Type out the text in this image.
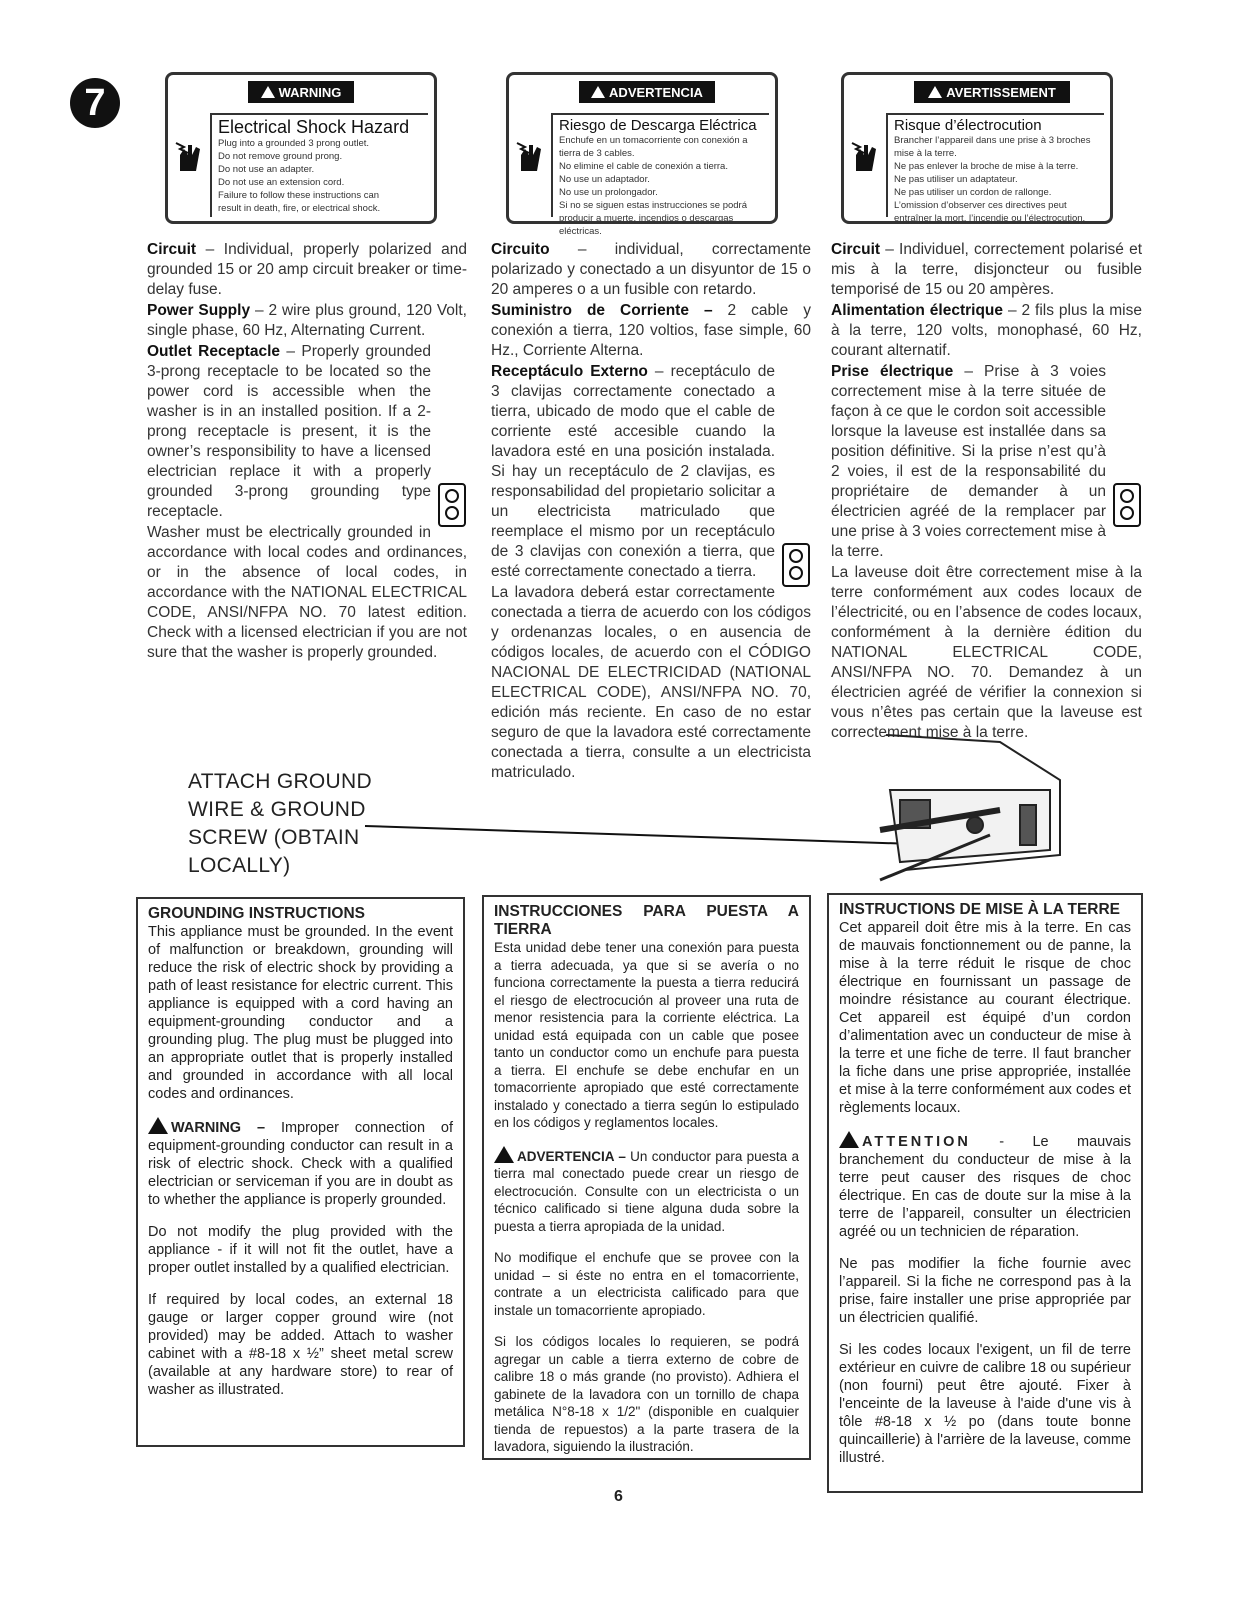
7	WARNING
Electrical Shock Hazard
Plug into a grounded 3 prong outlet.
Do not remove ground prong.
Do not use an adapter.
Do not use an extension cord.
Failure to follow these instructions can
result in death, fire, or electrical shock.
ADVERTENCIA
Riesgo de Descarga Eléctrica
Enchufe en un tomacorriente con conexión a
tierra de 3 cables.
No elimine el cable de conexión a tierra.
No use un adaptador.
No use un prolongador.
Si no se siguen estas instrucciones se podrá
producir a muerte, incendios o descargas eléctricas.
AVERTISSEMENT
Risque d’électrocution
Brancher l’appareil dans une prise à 3 broches
mise à la terre.
Ne pas enlever la broche de mise à la terre.
Ne pas utiliser un adaptateur.
Ne pas utiliser un cordon de rallonge.
L’omission d’observer ces directives peut
entraîner la mort, l’incendie ou l’électrocution.

Circuit – Individual, properly polarized and grounded 15 or 20 amp circuit breaker or time-delay fuse.

Power Supply – 2 wire plus ground, 120 Volt, single phase, 60 Hz, Alternating Current.

Outlet Receptacle – Properly grounded 3-prong receptacle to be located so the power cord is accessible when the washer is in an installed position. If a 2-prong receptacle is present, it is the owner’s responsibility to have a licensed electrician replace it with a properly grounded 3-prong grounding type receptacle.

Washer must be electrically grounded in accordance with local codes and ordinances, or in the absence of local codes, in accordance with the NATIONAL ELECTRICAL CODE, ANSI/NFPA NO. 70 latest edition. Check with a licensed electrician if you are not sure that the washer is properly grounded.

Circuito – individual, correctamente polarizado y conectado a un disyuntor de 15 o 20 amperes o a un fusible con retardo.

Suministro de Corriente – 2 cable y conexión a tierra, 120 voltios, fase simple, 60 Hz., Corriente Alterna.

Receptáculo Externo – receptáculo de 3 clavijas correctamente conectado a tierra, ubicado de modo que el cable de corriente esté accesible cuando la lavadora esté en una posición instalada. Si hay un receptáculo de 2 clavijas, es responsabilidad del propietario solicitar a un electricista matriculado que reemplace el mismo por un receptáculo de 3 clavijas con conexión a tierra, que esté correctamente conectado a tierra.

La lavadora deberá estar correctamente conectada a tierra de acuerdo con los códigos y ordenanzas locales, o en ausencia de códigos locales, de acuerdo con el CÓDIGO NACIONAL DE ELECTRICIDAD (NATIONAL ELECTRICAL CODE), ANSI/NFPA NO. 70, edición más reciente. En caso de no estar seguro de que la lavadora esté correctamente conectada a tierra, consulte a un electricista matriculado.

Circuit – Individuel, correctement polarisé et mis à la terre, disjoncteur ou fusible temporisé de 15 ou 20 ampères.

Alimentation électrique – 2 fils plus la mise à la terre, 120 volts, monophasé, 60 Hz, courant alternatif.

Prise électrique – Prise à 3 voies correctement mise à la terre située de façon à ce que le cordon soit accessible lorsque la laveuse est installée dans sa position définitive. Si la prise n’est qu’à 2 voies, il est de la responsabilité du propriétaire de demander à un électricien agréé de la remplacer par une prise à 3 voies correctement mise à la terre.

La laveuse doit être correctement mise à la terre conformément aux codes locaux de l’électricité, ou en l’absence de codes locaux, conformément à la dernière édition du NATIONAL ELECTRICAL CODE, ANSI/NFPA NO. 70. Demandez à un électricien agréé de vérifier la connexion si vous n’êtes pas certain que la laveuse est correctement mise à la terre.

ATTACH GROUND
WIRE & GROUND
SCREW (OBTAIN
LOCALLY)
GROUNDING INSTRUCTIONS

This appliance must be grounded. In the event of malfunction or breakdown, grounding will reduce the risk of electric shock by providing a path of least resistance for electric current. This appliance is equipped with a cord having an equipment-grounding conductor and a grounding plug. The plug must be plugged into an appropriate outlet that is properly installed and grounded in accordance with all local codes and ordinances.

WARNING – Improper connection of equipment-grounding conductor can result in a risk of electric shock. Check with a qualified electrician or serviceman if you are in doubt as to whether the appliance is properly grounded.

Do not modify the plug provided with the appliance - if it will not fit the outlet, have a proper outlet installed by a qualified electrician.

If required by local codes, an external 18 gauge or larger copper ground wire (not provided) may be added. Attach to washer cabinet with a #8-18 x ½” sheet metal screw (available at any hardware store) to rear of washer as illustrated.

INSTRUCCIONES PARA PUESTA A TIERRA

Esta unidad debe tener una conexión para puesta a tierra adecuada, ya que si se avería o no funciona correctamente la puesta a tierra reducirá el riesgo de electrocución al proveer una ruta de menor resistencia para la corriente eléctrica. La unidad está equipada con un cable que posee tanto un conductor como un enchufe para puesta a tierra. El enchufe se debe enchufar en un tomacorriente apropiado que esté correctamente instalado y conectado a tierra según lo estipulado en los códigos y reglamentos locales.

ADVERTENCIA – Un conductor para puesta a tierra mal conectado puede crear un riesgo de electrocución. Consulte con un electricista o un técnico calificado si tiene alguna duda sobre la puesta a tierra apropiada de la unidad.

No modifique el enchufe que se provee con la unidad – si éste no entra en el tomacorriente, contrate a un electricista calificado para que instale un tomacorriente apropiado.

Si los códigos locales lo requieren, se podrá agregar un cable a tierra externo de cobre de calibre 18 o más grande (no provisto). Adhiera el gabinete de la lavadora con un tornillo de chapa metálica N°8-18 x 1/2" (disponible en cualquier tienda de repuestos) a la parte trasera de la lavadora, siguiendo la ilustración.

INSTRUCTIONS DE MISE À LA TERRE

Cet appareil doit être mis à la terre. En cas de mauvais fonctionnement ou de panne, la mise à la terre réduit le risque de choc électrique en fournissant un passage de moindre résistance au courant électrique. Cet appareil est équipé d’un cordon d’alimentation avec un conducteur de mise à la terre et une fiche de terre. Il faut brancher la fiche dans une prise appropriée, installée et mise à la terre conformément aux codes et règlements locaux.

ATTENTION - Le mauvais branchement du conducteur de mise à la terre peut causer des risques de choc électrique. En cas de doute sur la mise à la terre de l’appareil, consulter un électricien agréé ou un technicien de réparation.

Ne pas modifier la fiche fournie avec l’appareil. Si la fiche ne correspond pas à la prise, faire installer une prise appropriée par un électricien qualifié.

Si les codes locaux l'exigent, un fil de terre extérieur en cuivre de calibre 18 ou supérieur (non fourni) peut être ajouté. Fixer à l'enceinte de la laveuse à l'aide d'une vis à tôle #8-18 x ½ po (dans toute bonne quincaillerie) à l'arrière de la laveuse, comme illustré.

6
